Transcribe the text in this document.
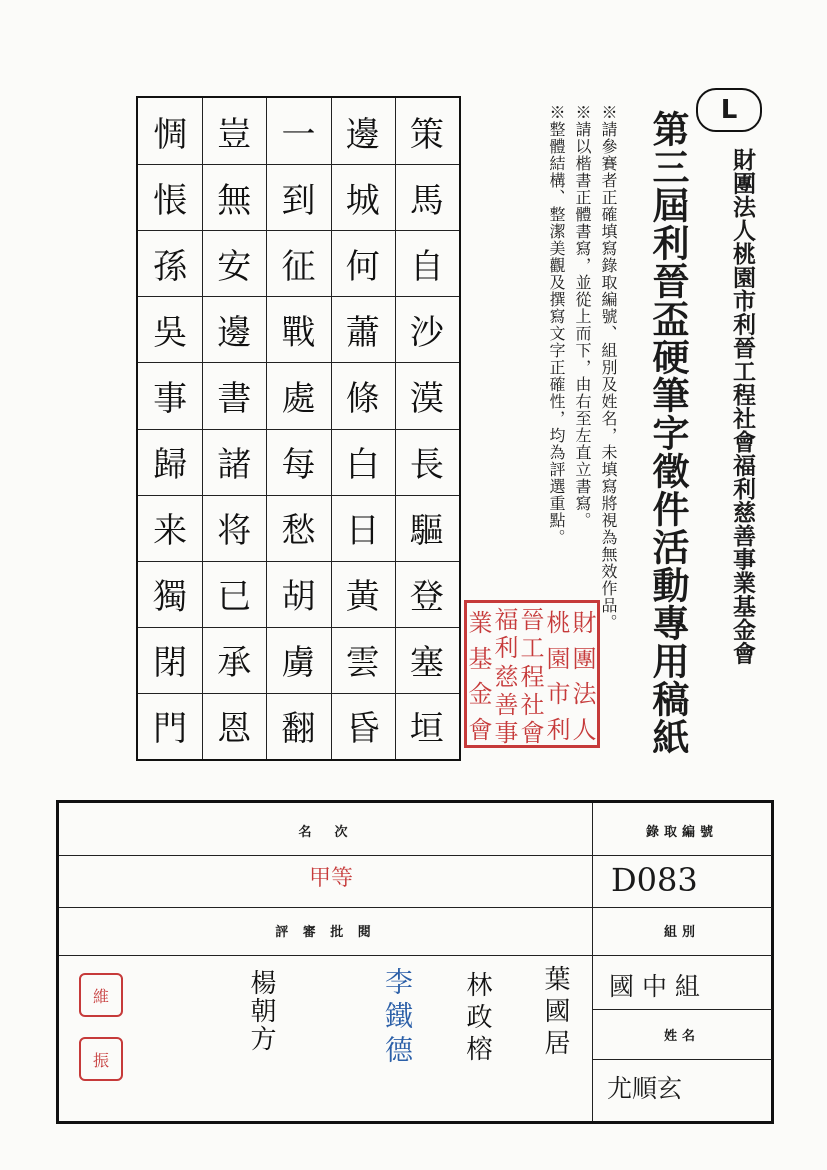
L
財團法人桃園市利晉工程社會福利慈善事業基金會
第三屆利晉盃硬筆字徵件活動專用稿紙
※請參賽者正確填寫錄取編號、組別及姓名，未填寫將視為無效作品。
※請以楷書正體書寫，並從上而下，由右至左直立書寫。
※整體結構、整潔美觀及撰寫文字正確性，均為評選重點。
策
馬
自
沙
漠
長
驅
登
塞
垣
邊
城
何
蕭
條
白
日
黃
雲
昏
一
到
征
戰
處
每
愁
胡
虜
翻
豈
無
安
邊
書
諸
将
已
承
恩
惆
悵
孫
吳
事
歸
来
獨
閉
門
財
團
法
人
桃
園
市
利
晉
工
程
社
會
福
利
慈
善
事
業
基
金
會
名　次
甲等
評 審 批 閱
錄取編號
D083
組別
國 中 組
姓名
尤順玄
維
振
楊朝方	李鐵德 林政榕 葉國居
